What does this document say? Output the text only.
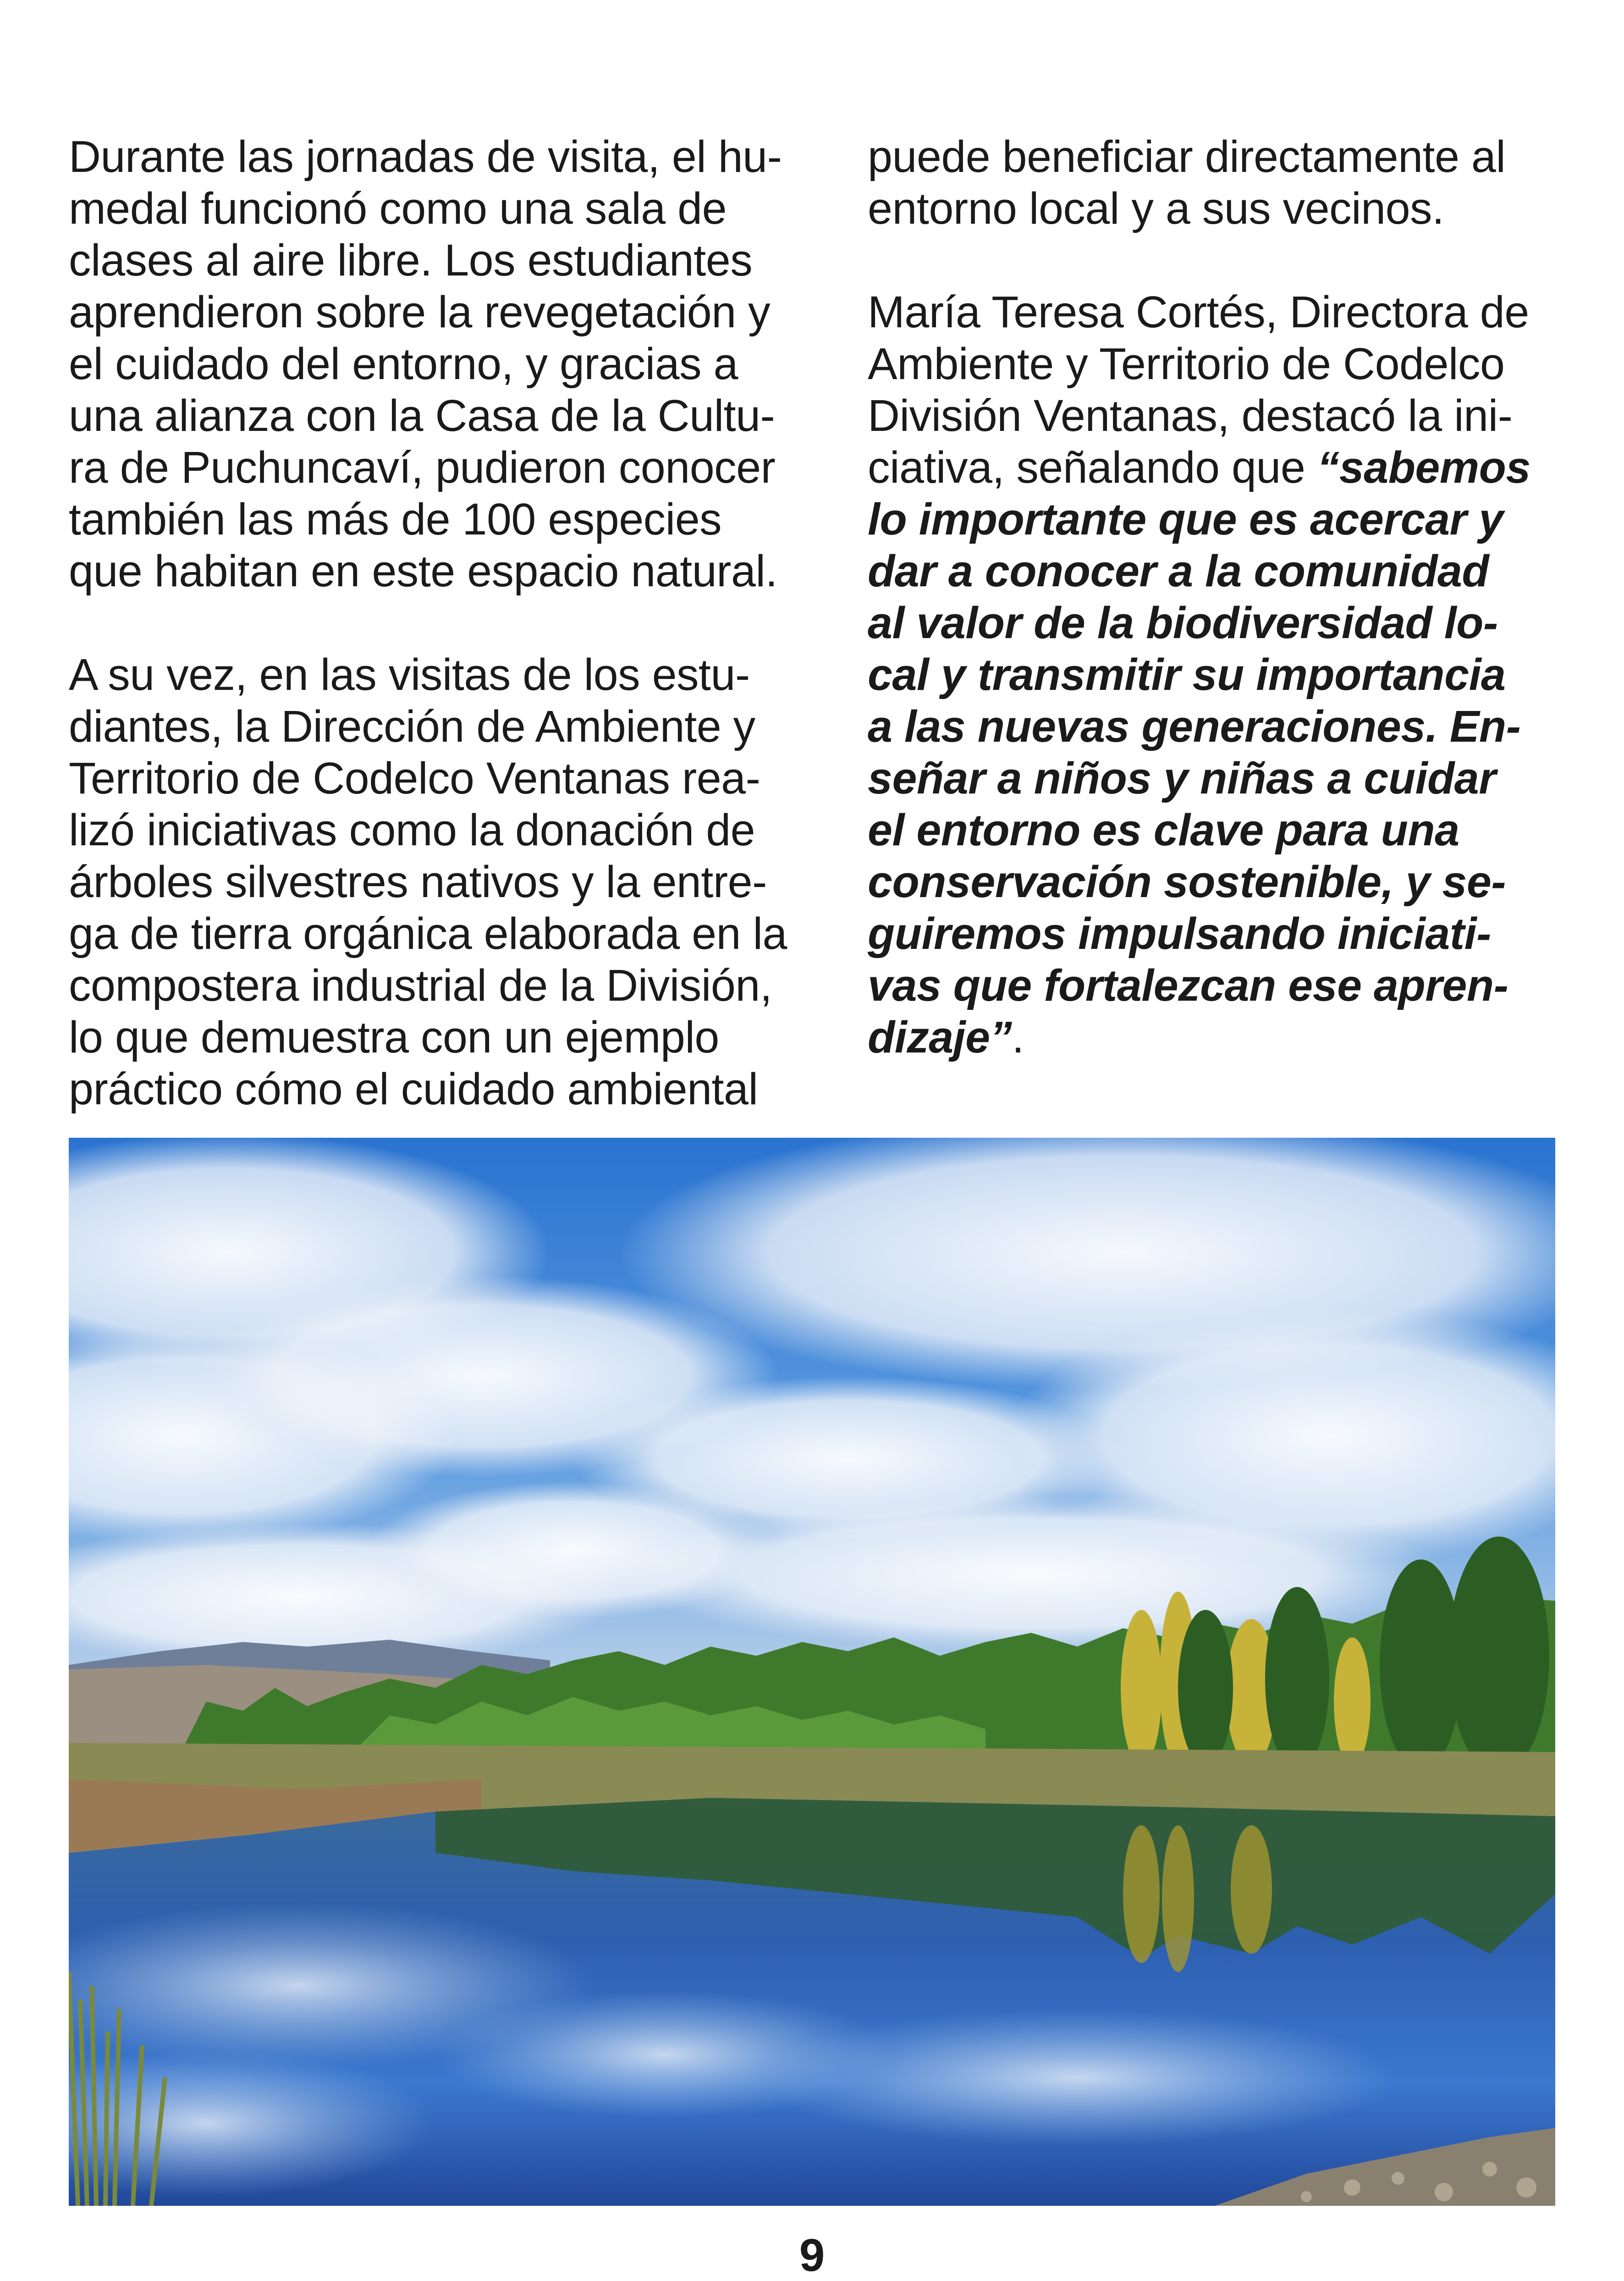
Durante las jornadas de visita, el hu-
medal funcionó como una sala de
clases al aire libre. Los estudiantes
aprendieron sobre la revegetación y
el cuidado del entorno, y gracias a
una alianza con la Casa de la Cultu-
ra de Puchuncaví, pudieron conocer
también las más de 100 especies
que habitan en este espacio natural.

A su vez, en las visitas de los estu-
diantes, la Dirección de Ambiente y
Territorio de Codelco Ventanas rea-
lizó iniciativas como la donación de
árboles silvestres nativos y la entre-
ga de tierra orgánica elaborada en la
compostera industrial de la División,
lo que demuestra con un ejemplo
práctico cómo el cuidado ambiental

puede beneficiar directamente al
entorno local y a sus vecinos.

María Teresa Cortés, Directora de
Ambiente y Territorio de Codelco
División Ventanas, destacó la ini-
ciativa, señalando que “sabemos
lo importante que es acercar y
dar a conocer a la comunidad
al valor de la biodiversidad lo-
cal y transmitir su importancia
a las nuevas generaciones. En-
señar a niños y niñas a cuidar
el entorno es clave para una
conservación sostenible, y se-
guiremos impulsando iniciati-
vas que fortalezcan ese apren-
dizaje”.

9
